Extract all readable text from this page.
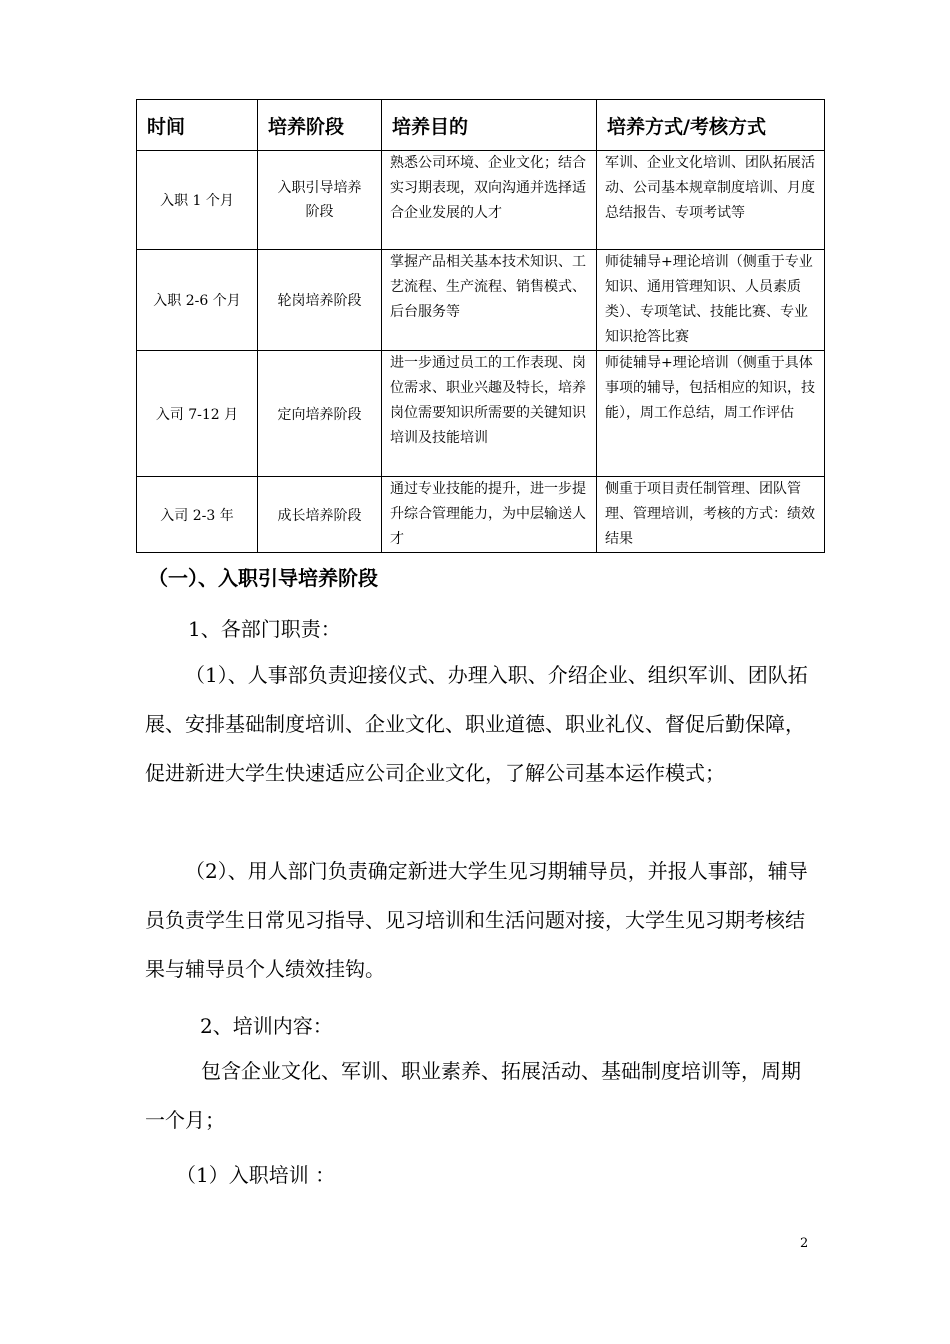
时间	培养阶段	培养目的	培养方式/考核方式
入职 1 个月	入职引导培养阶段	熟悉公司环境、企业文化；结合实习期表现，双向沟通并选择适合企业发展的人才	军训、企业文化培训、团队拓展活动、公司基本规章制度培训、月度总结报告、专项考试等
入职 2-6 个月	轮岗培养阶段	掌握产品相关基本技术知识、工艺流程、生产流程、销售模式、后台服务等	师徒辅导+理论培训（侧重于专业知识、通用管理知识、人员素质类）、专项笔试、技能比赛、专业知识抢答比赛
入司 7-12 月	定向培养阶段	进一步通过员工的工作表现、岗位需求、职业兴趣及特长，培养岗位需要知识所需要的关键知识培训及技能培训	师徒辅导+理论培训（侧重于具体事项的辅导，包括相应的知识，技能），周工作总结，周工作评估
入司 2-3 年	成长培养阶段	通过专业技能的提升，进一步提升综合管理能力，为中层输送人才	侧重于项目责任制管理、团队管理、管理培训，考核的方式：绩效结果
（一）、入职引导培养阶段
1、各部门职责：
（1）、人事部负责迎接仪式、办理入职、介绍企业、组织军训、团队拓展、安排基础制度培训、企业文化、职业道德、职业礼仪、督促后勤保障，促进新进大学生快速适应公司企业文化，了解公司基本运作模式；
（2）、用人部门负责确定新进大学生见习期辅导员，并报人事部，辅导员负责学生日常见习指导、见习培训和生活问题对接，大学生见习期考核结果与辅导员个人绩效挂钩。
2、培训内容：
包含企业文化、军训、职业素养、拓展活动、基础制度培训等，周期一个月；
（1）入职培训 ：
2
